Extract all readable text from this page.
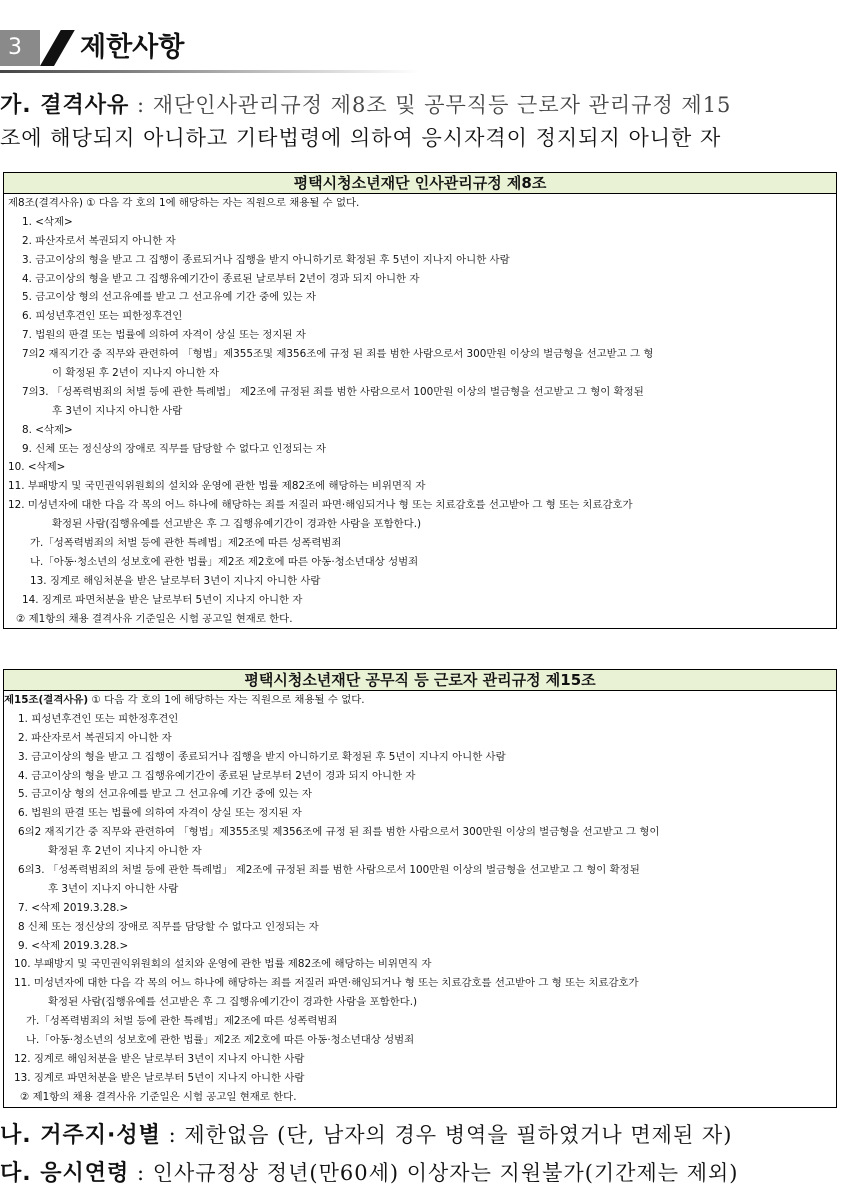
3	제한사항
가. 결격사유 : 재단인사관리규정 제8조 및 공무직등 근로자 관리규정 제15
조에 해당되지 아니하고 기타법령에 의하여 응시자격이 정지되지 아니한 자
평택시청소년재단 인사관리규정 제8조
제8조(결격사유) ① 다음 각 호의 1에 해당하는 자는 직원으로 채용될 수 없다.
1. <삭제>
2. 파산자로서 복권되지 아니한 자
3. 금고이상의 형을 받고 그 집행이 종료되거나 집행을 받지 아니하기로 확정된 후 5년이 지나지 아니한 사람
4. 금고이상의 형을 받고 그 집행유예기간이 종료된 날로부터 2년이 경과 되지 아니한 자
5. 금고이상 형의 선고유예를 받고 그 선고유예 기간 중에 있는 자
6. 피성년후견인 또는 피한정후견인
7. 법원의 판결 또는 법률에 의하여 자격이 상실 또는 정지된 자
7의2 재직기간 중 직무와 관련하여 「형법」제355조및 제356조에 규정 된 죄를 범한 사람으로서 300만원 이상의 벌금형을 선고받고 그 형
이 확정된 후 2년이 지나지 아니한 자
7의3. 「성폭력범죄의 처벌 등에 관한 특례법」 제2조에 규정된 죄를 범한 사람으로서 100만원 이상의 벌금형을 선고받고 그 형이 확정된
후 3년이 지나지 아니한 사람
8. <삭제>
9. 신체 또는 정신상의 장애로 직무를 담당할 수 없다고 인정되는 자
10. <삭제>
11. 부패방지 및 국민권익위원회의 설치와 운영에 관한 법률 제82조에 해당하는 비위면직 자
12. 미성년자에 대한 다음 각 목의 어느 하나에 해당하는 죄를 저질러 파면·해임되거나 형 또는 치료감호를 선고받아 그 형 또는 치료감호가
확정된 사람(집행유예를 선고받은 후 그 집행유예기간이 경과한 사람을 포함한다.)
가.「성폭력범죄의 처벌 등에 관한 특례법」제2조에 따른 성폭력범죄
나.「아동·청소년의 성보호에 관한 법률」제2조 제2호에 따른 아동·청소년대상 성범죄
13. 징계로 해임처분을 받은 날로부터 3년이 지나지 아니한 사람
14. 징계로 파면처분을 받은 날로부터 5년이 지나지 아니한 자
② 제1항의 채용 결격사유 기준일은 시험 공고일 현재로 한다.
평택시청소년재단 공무직 등 근로자 관리규정 제15조
제15조(결격사유) ① 다음 각 호의 1에 해당하는 자는 직원으로 채용될 수 없다.
1. 피성년후견인 또는 피한정후견인
2. 파산자로서 복권되지 아니한 자
3. 금고이상의 형을 받고 그 집행이 종료되거나 집행을 받지 아니하기로 확정된 후 5년이 지나지 아니한 사람
4. 금고이상의 형을 받고 그 집행유예기간이 종료된 날로부터 2년이 경과 되지 아니한 자
5. 금고이상 형의 선고유예를 받고 그 선고유예 기간 중에 있는 자
6. 법원의 판결 또는 법률에 의하여 자격이 상실 또는 정지된 자
6의2 재직기간 중 직무와 관련하여 「형법」제355조및 제356조에 규정 된 죄를 범한 사람으로서 300만원 이상의 벌금형을 선고받고 그 형이
확정된 후 2년이 지나지 아니한 자
6의3. 「성폭력범죄의 처벌 등에 관한 특례법」 제2조에 규정된 죄를 범한 사람으로서 100만원 이상의 벌금형을 선고받고 그 형이 확정된
후 3년이 지나지 아니한 사람
7. <삭제 2019.3.28.>
8 신체 또는 정신상의 장애로 직무를 담당할 수 없다고 인정되는 자
9. <삭제 2019.3.28.>
10. 부패방지 및 국민권익위원회의 설치와 운영에 관한 법률 제82조에 해당하는 비위면직 자
11. 미성년자에 대한 다음 각 목의 어느 하나에 해당하는 죄를 저질러 파면·해임되거나 형 또는 치료감호를 선고받아 그 형 또는 치료감호가
확정된 사람(집행유예를 선고받은 후 그 집행유예기간이 경과한 사람을 포함한다.)
가.「성폭력범죄의 처벌 등에 관한 특례법」제2조에 따른 성폭력범죄
나.「아동·청소년의 성보호에 관한 법률」제2조 제2호에 따른 아동·청소년대상 성범죄
12. 징계로 해임처분을 받은 날로부터 3년이 지나지 아니한 사람
13. 징계로 파면처분을 받은 날로부터 5년이 지나지 아니한 사람
② 제1항의 채용 결격사유 기준일은 시험 공고일 현재로 한다.
나. 거주지·성별 : 제한없음 (단, 남자의 경우 병역을 필하였거나 면제된 자)
다. 응시연령 : 인사규정상 정년(만60세) 이상자는 지원불가(기간제는 제외)
